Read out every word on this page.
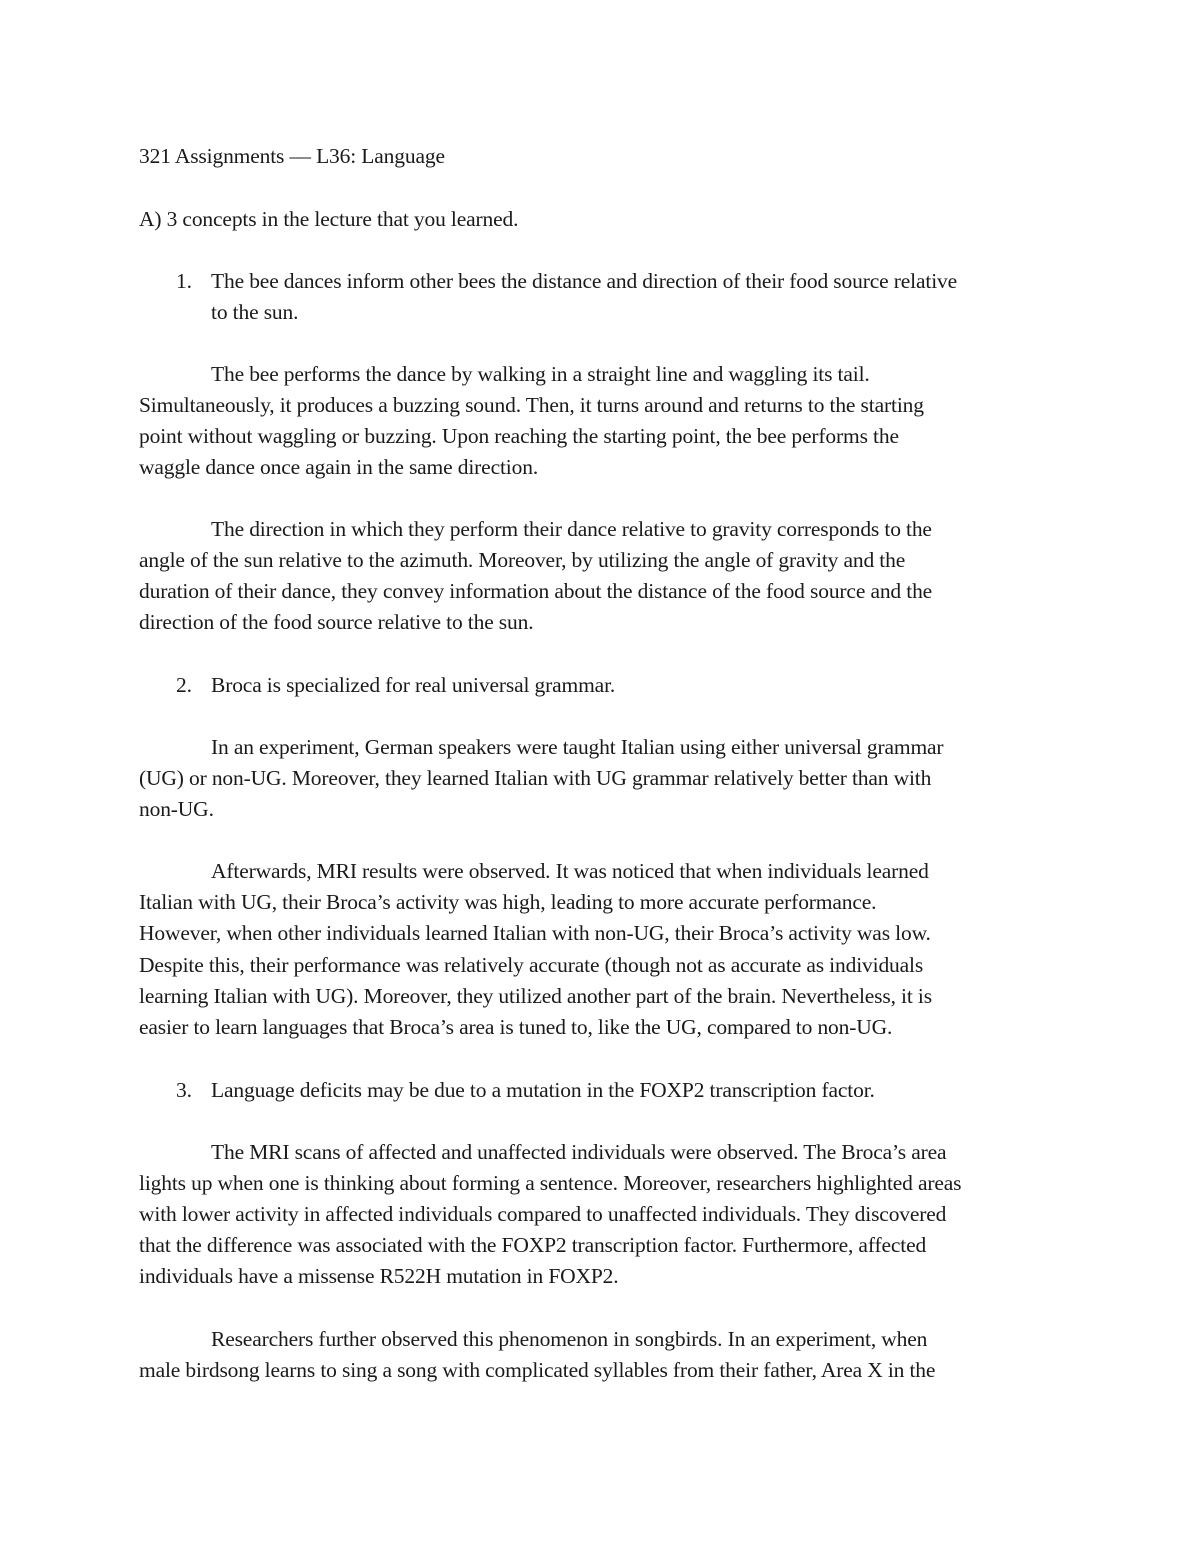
321 Assignments — L36: Language
A) 3 concepts in the lecture that you learned.
1. The bee dances inform other bees the distance and direction of their food source relative
to the sun.
The bee performs the dance by walking in a straight line and waggling its tail.
Simultaneously, it produces a buzzing sound. Then, it turns around and returns to the starting
point without waggling or buzzing. Upon reaching the starting point, the bee performs the
waggle dance once again in the same direction.
The direction in which they perform their dance relative to gravity corresponds to the
angle of the sun relative to the azimuth. Moreover, by utilizing the angle of gravity and the
duration of their dance, they convey information about the distance of the food source and the
direction of the food source relative to the sun.
2. Broca is specialized for real universal grammar.
In an experiment, German speakers were taught Italian using either universal grammar
(UG) or non-UG. Moreover, they learned Italian with UG grammar relatively better than with
non-UG.
Afterwards, MRI results were observed. It was noticed that when individuals learned
Italian with UG, their Broca’s activity was high, leading to more accurate performance.
However, when other individuals learned Italian with non-UG, their Broca’s activity was low.
Despite this, their performance was relatively accurate (though not as accurate as individuals
learning Italian with UG). Moreover, they utilized another part of the brain. Nevertheless, it is
easier to learn languages that Broca’s area is tuned to, like the UG, compared to non-UG.
3. Language deficits may be due to a mutation in the FOXP2 transcription factor.
The MRI scans of affected and unaffected individuals were observed. The Broca’s area
lights up when one is thinking about forming a sentence. Moreover, researchers highlighted areas
with lower activity in affected individuals compared to unaffected individuals. They discovered
that the difference was associated with the FOXP2 transcription factor. Furthermore, affected
individuals have a missense R522H mutation in FOXP2.
Researchers further observed this phenomenon in songbirds. In an experiment, when
male birdsong learns to sing a song with complicated syllables from their father, Area X in the
